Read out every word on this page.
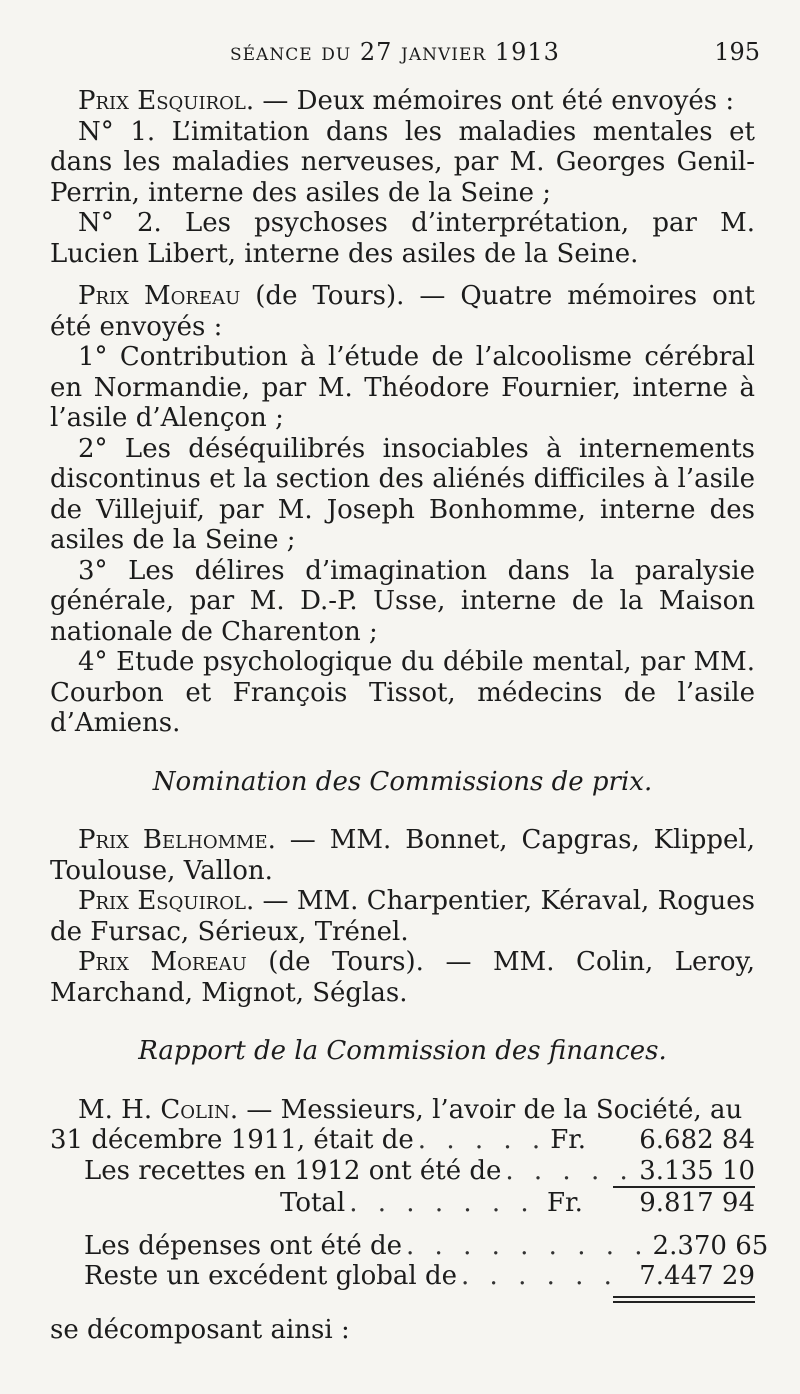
séance du 27 janvier 1913	195

Prix Esquirol. — Deux mémoires ont été envoyés :

N° 1. L’imitation dans les maladies mentales et dans les maladies nerveuses, par M. Georges Genil-Perrin, interne des asiles de la Seine ;

N° 2. Les psychoses d’interprétation, par M. Lucien Libert, interne des asiles de la Seine.

Prix Moreau (de Tours). — Quatre mémoires ont été envoyés :

1° Contribution à l’étude de l’alcoolisme cérébral en Normandie, par M. Théodore Fournier, interne à l’asile d’Alençon ;

2° Les déséquilibrés insociables à internements discontinus et la section des aliénés difficiles à l’asile de Villejuif, par M. Joseph Bonhomme, interne des asiles de la Seine ;

3° Les délires d’imagination dans la paralysie générale, par M. D.-P. Usse, interne de la Maison nationale de Charenton ;

4° Etude psychologique du débile mental, par MM. Courbon et François Tissot, médecins de l’asile d’Amiens.

Nomination des Commissions de prix.

Prix Belhomme. — MM. Bonnet, Capgras, Klippel, Toulouse, Vallon.

Prix Esquirol. — MM. Charpentier, Kéraval, Rogues de Fursac, Sérieux, Trénel.

Prix Moreau (de Tours). — MM. Colin, Leroy, Marchand, Mignot, Séglas.

Rapport de la Commission des finances.

M. H. Colin. — Messieurs, l’avoir de la Société, au

31 décembre 1911, était de . . . . . Fr.	6.682 84
Les recettes en 1912 ont été de . . . . . 3.135 10
Total . . . . . . . Fr.	9.817 94
Les dépenses ont été de . . . . . . . . . 2.370 65
Reste un excédent global de . . . . . . 7.447 29

se décomposant ainsi :
